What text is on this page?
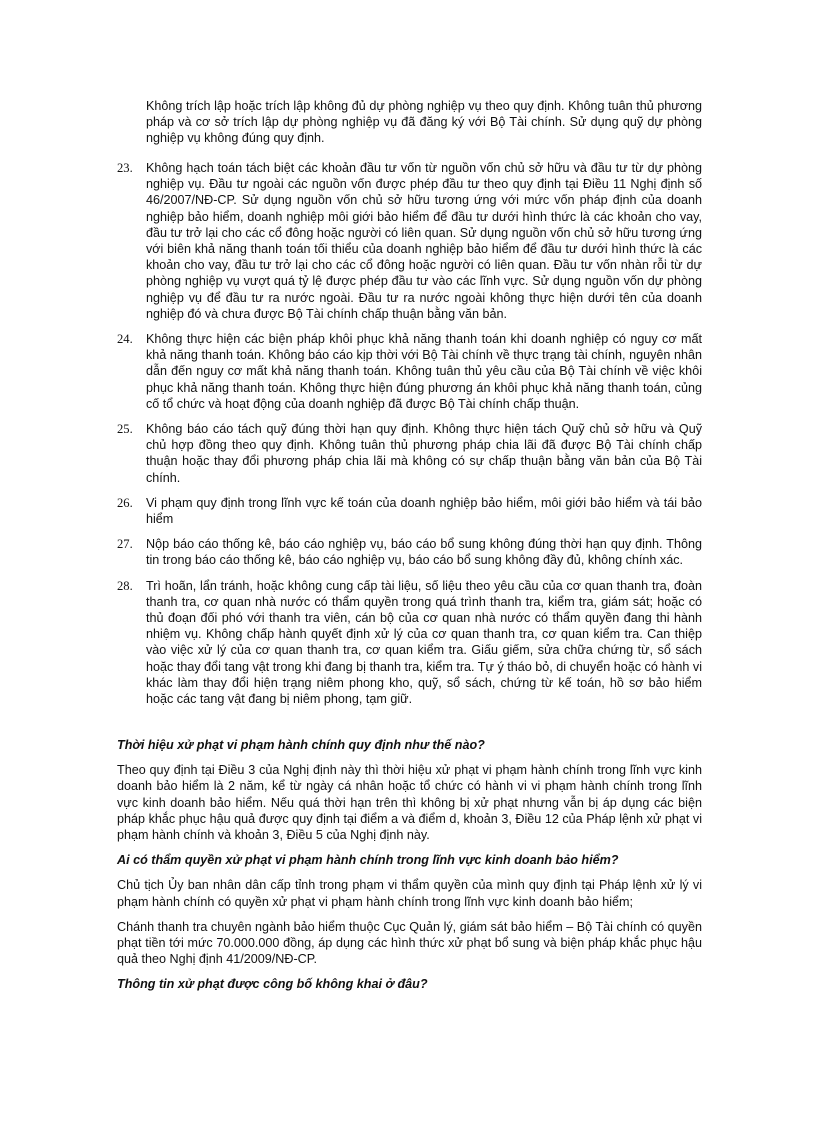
Không trích lập hoặc trích lập không đủ dự phòng nghiệp vụ theo quy định. Không tuân thủ phương pháp và cơ sở trích lập dự phòng nghiệp vụ đã đăng ký với Bộ Tài chính. Sử dụng quỹ dự phòng nghiệp vụ không đúng quy định.
23.	Không hạch toán tách biệt các khoản đầu tư vốn từ nguồn vốn chủ sở hữu và đầu tư từ dự phòng nghiệp vụ. Đầu tư ngoài các nguồn vốn được phép đầu tư theo quy định tại Điều 11 Nghị định số 46/2007/NĐ-CP. Sử dụng nguồn vốn chủ sở hữu tương ứng với mức vốn pháp định của doanh nghiệp bảo hiểm, doanh nghiệp môi giới bảo hiểm để đầu tư dưới hình thức là các khoản cho vay, đầu tư trở lại cho các cổ đông hoặc người có liên quan. Sử dụng nguồn vốn chủ sở hữu tương ứng với biên khả năng thanh toán tối thiểu của doanh nghiệp bảo hiểm để đầu tư dưới hình thức là các khoản cho vay, đầu tư trở lại cho các cổ đông hoặc người có liên quan. Đầu tư vốn nhàn rỗi từ dự phòng nghiệp vụ vượt quá tỷ lệ được phép đầu tư vào các lĩnh vực. Sử dụng nguồn vốn dự phòng nghiệp vụ để đầu tư ra nước ngoài. Đầu tư ra nước ngoài không thực hiện dưới tên của doanh nghiệp đó và chưa được Bộ Tài chính chấp thuận bằng văn bản.
24.	Không thực hiện các biện pháp khôi phục khả năng thanh toán khi doanh nghiệp có nguy cơ mất khả năng thanh toán. Không báo cáo kịp thời với Bộ Tài chính về thực trạng tài chính, nguyên nhân dẫn đến nguy cơ mất khả năng thanh toán. Không tuân thủ yêu cầu của Bộ Tài chính về việc khôi phục khả năng thanh toán. Không thực hiện đúng phương án khôi phục khả năng thanh toán, củng cố tổ chức và hoạt động của doanh nghiệp đã được Bộ Tài chính chấp thuận.
25.	Không báo cáo tách quỹ đúng thời hạn quy định. Không thực hiện tách Quỹ chủ sở hữu và Quỹ chủ hợp đồng theo quy định. Không tuân thủ phương pháp chia lãi đã được Bộ Tài chính chấp thuận hoặc thay đổi phương pháp chia lãi mà không có sự chấp thuận bằng văn bản của Bộ Tài chính.
26.	Vi phạm quy định trong lĩnh vực kế toán của doanh nghiệp bảo hiểm, môi giới bảo hiểm và tái bảo hiểm
27.	Nộp báo cáo thống kê, báo cáo nghiệp vụ, báo cáo bổ sung không đúng thời hạn quy định. Thông tin trong báo cáo thống kê, báo cáo nghiệp vụ, báo cáo bổ sung không đầy đủ, không chính xác.
28.	Trì hoãn, lẩn tránh, hoặc không cung cấp tài liệu, số liệu theo yêu cầu của cơ quan thanh tra, đoàn thanh tra, cơ quan nhà nước có thẩm quyền trong quá trình thanh tra, kiểm tra, giám sát; hoặc có thủ đoạn đối phó với thanh tra viên, cán bộ của cơ quan nhà nước có thẩm quyền đang thi hành nhiệm vụ. Không chấp hành quyết định xử lý của cơ quan thanh tra, cơ quan kiểm tra. Can thiệp vào việc xử lý của cơ quan thanh tra, cơ quan kiểm tra. Giấu giếm, sửa chữa chứng từ, sổ sách hoặc thay đổi tang vật trong khi đang bị thanh tra, kiểm tra. Tự ý tháo bỏ, di chuyển hoặc có hành vi khác làm thay đổi hiện trạng niêm phong kho, quỹ, sổ sách, chứng từ kế toán, hồ sơ bảo hiểm hoặc các tang vật đang bị niêm phong, tạm giữ.

Thời hiệu xử phạt vi phạm hành chính quy định như thế nào?

Theo quy định tại Điều 3 của Nghị định này thì thời hiệu xử phạt vi phạm hành chính trong lĩnh vực kinh doanh bảo hiểm là 2 năm, kể từ ngày cá nhân hoặc tổ chức có hành vi vi phạm hành chính trong lĩnh vực kinh doanh bảo hiểm. Nếu quá thời hạn trên thì không bị xử phạt nhưng vẫn bị áp dụng các biện pháp khắc phục hậu quả được quy định tại điểm a và điểm d, khoản 3, Điều 12 của Pháp lệnh xử phạt vi phạm hành chính và khoản 3, Điều 5 của Nghị định này.

Ai có thẩm quyền xử phạt vi phạm hành chính trong lĩnh vực kinh doanh bảo hiểm?

Chủ tịch Ủy ban nhân dân cấp tỉnh trong phạm vi thẩm quyền của mình quy định tại Pháp lệnh xử lý vi phạm hành chính có quyền xử phạt vi phạm hành chính trong lĩnh vực kinh doanh bảo hiểm;

Chánh thanh tra chuyên ngành bảo hiểm thuộc Cục Quản lý, giám sát bảo hiểm – Bộ Tài chính có quyền phạt tiền tới mức 70.000.000 đồng, áp dụng các hình thức xử phạt bổ sung và biện pháp khắc phục hậu quả theo Nghị định 41/2009/NĐ-CP.

Thông tin xử phạt được công bố không khai ở đâu?
